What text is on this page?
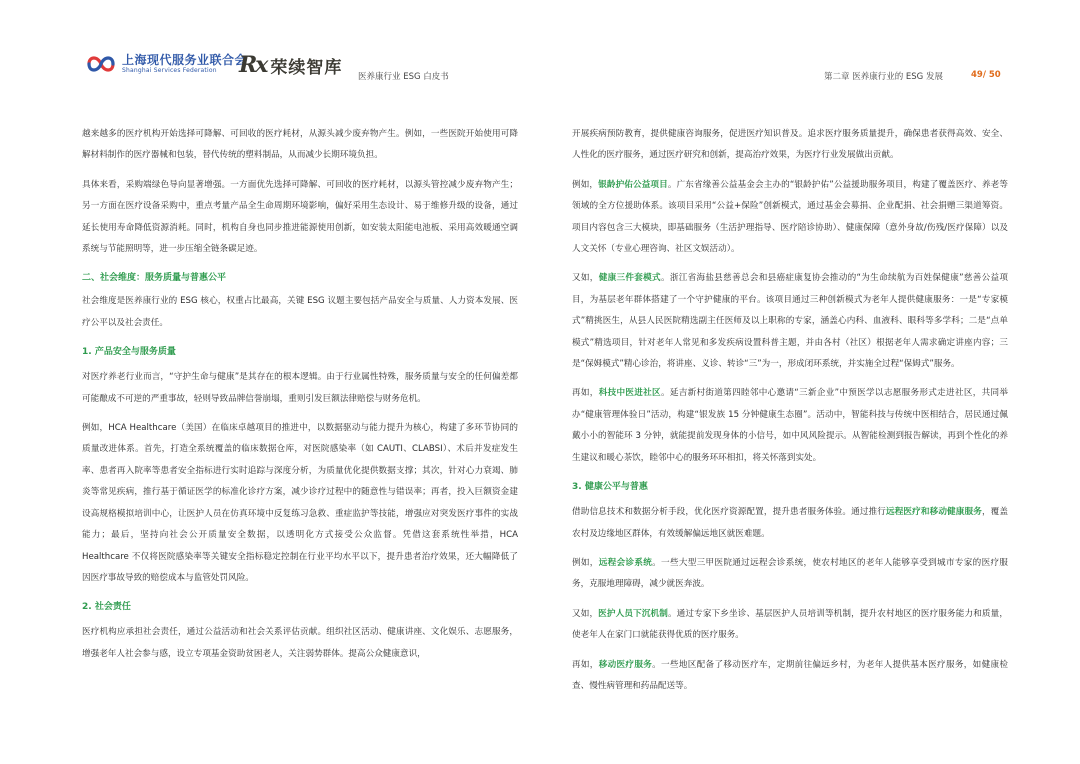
上海现代服务业联合会
Shanghai Services Federation	Rx 荣续智库 医养康行业 ESG 白皮书	第二章 医养康行业的 ESG 发展	49/ 50

越来越多的医疗机构开始选择可降解、可回收的医疗耗材，从源头减少废弃物产生。例如，一些医院开始使用可降解材料制作的医疗器械和包装，替代传统的塑料制品，从而减少长期环境负担。

具体来看，采购端绿色导向显著增强。一方面优先选择可降解、可回收的医疗耗材，以源头管控减少废弃物产生；另一方面在医疗设备采购中，重点考量产品全生命周期环境影响，偏好采用生态设计、易于维修升级的设备，通过延长使用寿命降低资源消耗。同时，机构自身也同步推进能源使用创新，如安装太阳能电池板、采用高效暖通空调系统与节能照明等，进一步压缩全链条碳足迹。

二、社会维度：服务质量与普惠公平

社会维度是医养康行业的 ESG 核心，权重占比最高，关键 ESG 议题主要包括产品安全与质量、人力资本发展、医疗公平以及社会责任。

1. 产品安全与服务质量

对医疗养老行业而言，“守护生命与健康”是其存在的根本逻辑。由于行业属性特殊，服务质量与安全的任何偏差都可能酿成不可逆的严重事故，轻则导致品牌信誉崩塌，重则引发巨额法律赔偿与财务危机。

例如，HCA Healthcare（美国）在临床卓越项目的推进中，以数据驱动与能力提升为核心，构建了多环节协同的质量改进体系。首先，打造全系统覆盖的临床数据仓库，对医院感染率（如 CAUTI、CLABSI）、术后并发症发生率、患者再入院率等患者安全指标进行实时追踪与深度分析，为质量优化提供数据支撑；其次，针对心力衰竭、肺炎等常见疾病，推行基于循证医学的标准化诊疗方案，减少诊疗过程中的随意性与错误率；再者，投入巨额资金建设高规格模拟培训中心，让医护人员在仿真环境中反复练习急救、重症监护等技能，增强应对突发医疗事件的实战能力；最后，坚持向社会公开质量安全数据，以透明化方式接受公众监督。凭借这套系统性举措，HCA Healthcare 不仅将医院感染率等关键安全指标稳定控制在行业平均水平以下，提升患者治疗效果，还大幅降低了因医疗事故导致的赔偿成本与监管处罚风险。

2. 社会责任

医疗机构应承担社会责任，通过公益活动和社会关系评估贡献。组织社区活动、健康讲座、文化娱乐、志愿服务，增强老年人社会参与感，设立专项基金资助贫困老人，关注弱势群体。提高公众健康意识，

开展疾病预防教育，提供健康咨询服务，促进医疗知识普及。追求医疗服务质量提升，确保患者获得高效、安全、人性化的医疗服务，通过医疗研究和创新，提高治疗效果，为医疗行业发展做出贡献。

例如，银龄护佑公益项目。广东省缘善公益基金会主办的“银龄护佑”公益援助服务项目，构建了覆盖医疗、养老等领域的全方位援助体系。该项目采用“公益+保险”创新模式，通过基金会募捐、企业配捐、社会捐赠三渠道筹资。项目内容包含三大模块，即基础服务（生活护理指导、医疗陪诊协助）、健康保障（意外身故/伤残/医疗保障）以及人文关怀（专业心理咨询、社区文娱活动）。

又如，健康三件套模式。浙江省海盐县慈善总会和县癌症康复协会推动的“为生命续航为百姓保健康”慈善公益项目，为基层老年群体搭建了一个守护健康的平台。该项目通过三种创新模式为老年人提供健康服务：一是“专家模式”精挑医生，从县人民医院精选副主任医师及以上职称的专家，涵盖心内科、血液科、眼科等多学科；二是“点单模式”精选项目，针对老年人常见和多发疾病设置科普主题，并由各村（社区）根据老年人需求确定讲座内容；三是“保姆模式”精心诊治，将讲座、义诊、转诊“三”为一，形成闭环系统，并实施全过程“保姆式”服务。

再如，科技中医进社区。延吉新村街道第四睦邻中心邀请“三新企业”中预医学以志愿服务形式走进社区，共同举办“健康管理体验日”活动，构建“银发族 15 分钟健康生态圈”。活动中，智能科技与传统中医相结合，居民通过佩戴小小的智能环 3 分钟，就能提前发现身体的小信号，如中风风险提示。从智能检测到报告解读，再到个性化的养生建议和暖心茶饮，睦邻中心的服务环环相扣，将关怀落到实处。

3. 健康公平与普惠

借助信息技术和数据分析手段，优化医疗资源配置，提升患者服务体验。通过推行远程医疗和移动健康服务，覆盖农村及边缘地区群体，有效缓解偏远地区就医难题。

例如，远程会诊系统。一些大型三甲医院通过远程会诊系统，使农村地区的老年人能够享受到城市专家的医疗服务，克服地理障碍，减少就医奔波。

又如，医护人员下沉机制。通过专家下乡坐诊、基层医护人员培训等机制，提升农村地区的医疗服务能力和质量，使老年人在家门口就能获得优质的医疗服务。

再如，移动医疗服务。一些地区配备了移动医疗车，定期前往偏远乡村，为老年人提供基本医疗服务，如健康检查、慢性病管理和药品配送等。
